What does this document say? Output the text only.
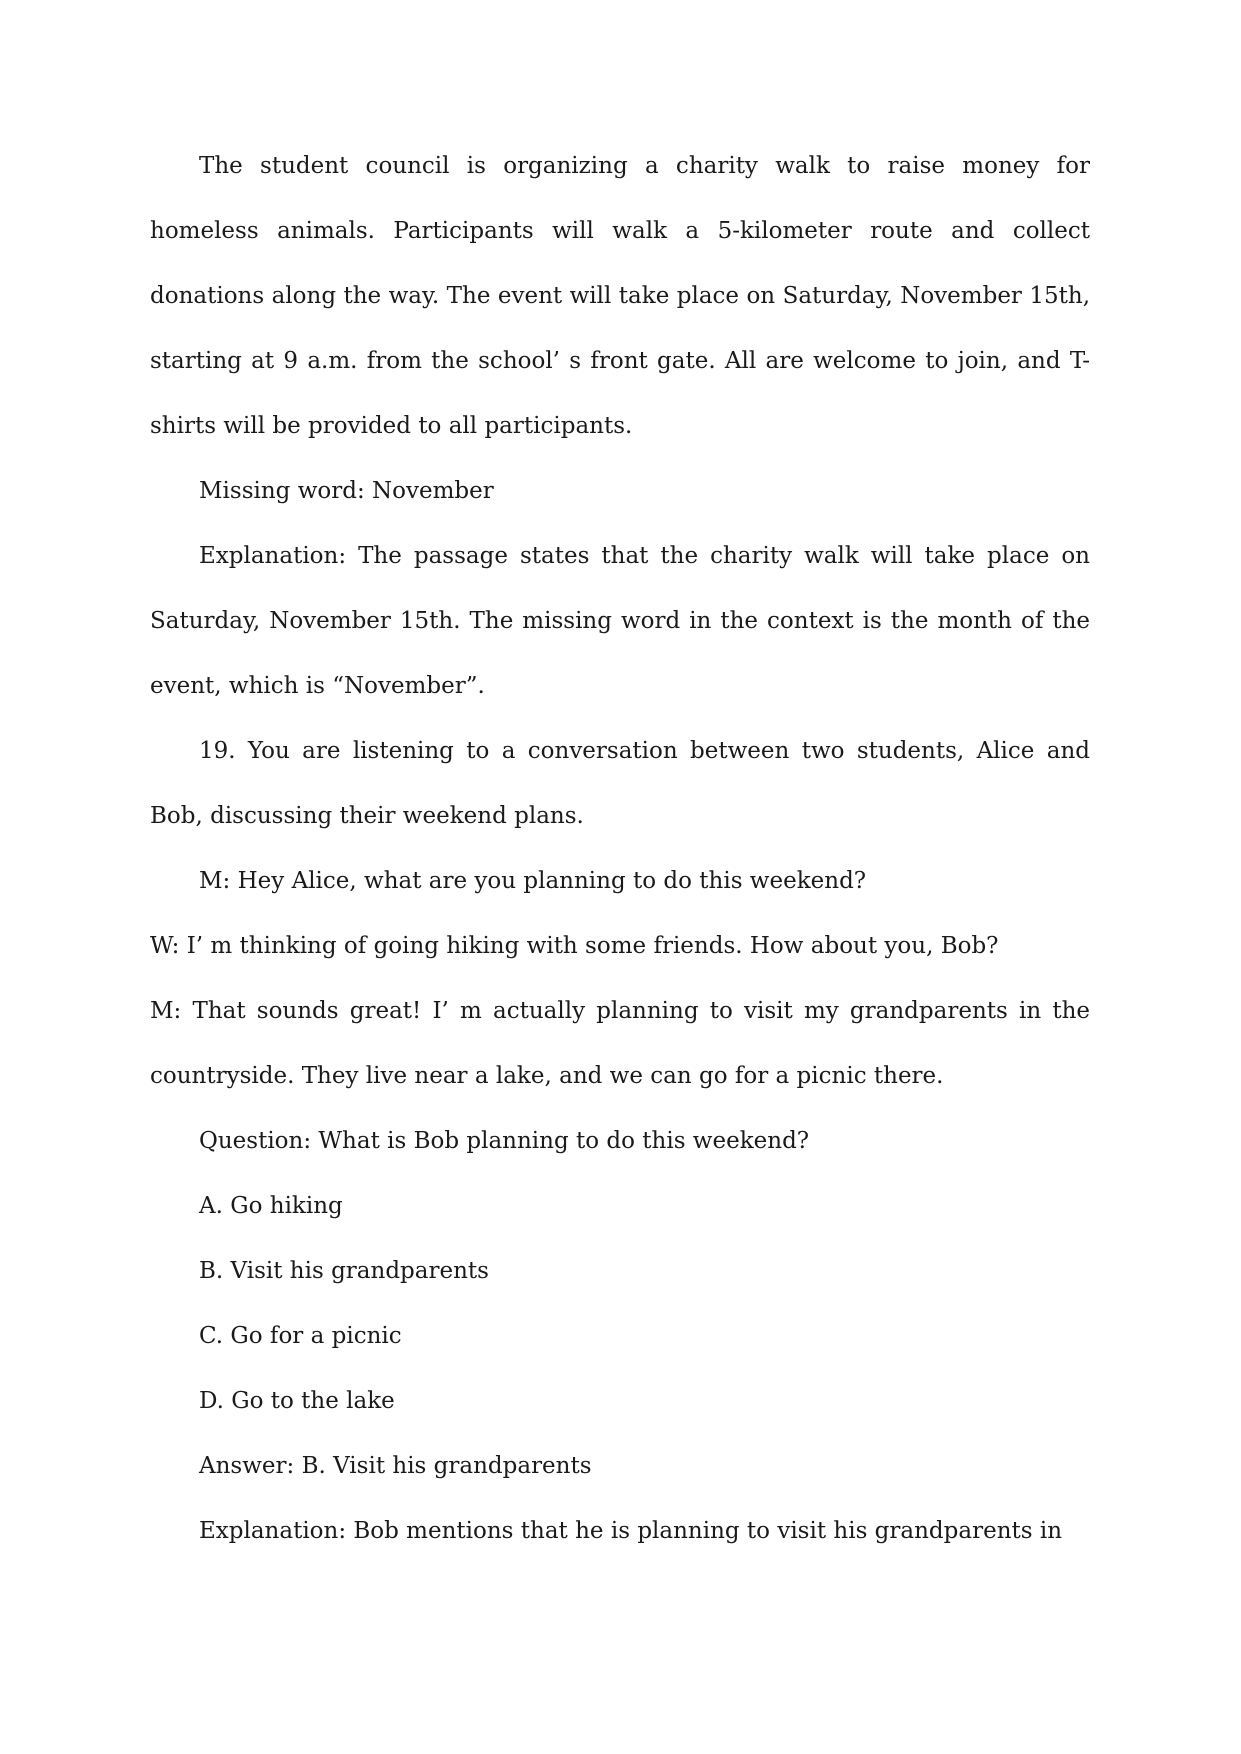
The student council is organizing a charity walk to raise money for homeless animals. Participants will walk a 5-kilometer route and collect donations along the way. The event will take place on Saturday, November 15th, starting at 9 a.m. from the school’ s front gate. All are welcome to join, and T-shirts will be provided to all participants.

Missing word: November

Explanation: The passage states that the charity walk will take place on Saturday, November 15th. The missing word in the context is the month of the event, which is “November”.

19. You are listening to a conversation between two students, Alice and Bob, discussing their weekend plans.

M: Hey Alice, what are you planning to do this weekend?

W: I’ m thinking of going hiking with some friends. How about you, Bob?

M: That sounds great! I’ m actually planning to visit my grandparents in the countryside. They live near a lake, and we can go for a picnic there.

Question: What is Bob planning to do this weekend?

A. Go hiking

B. Visit his grandparents

C. Go for a picnic

D. Go to the lake

Answer: B. Visit his grandparents

Explanation: Bob mentions that he is planning to visit his grandparents in
